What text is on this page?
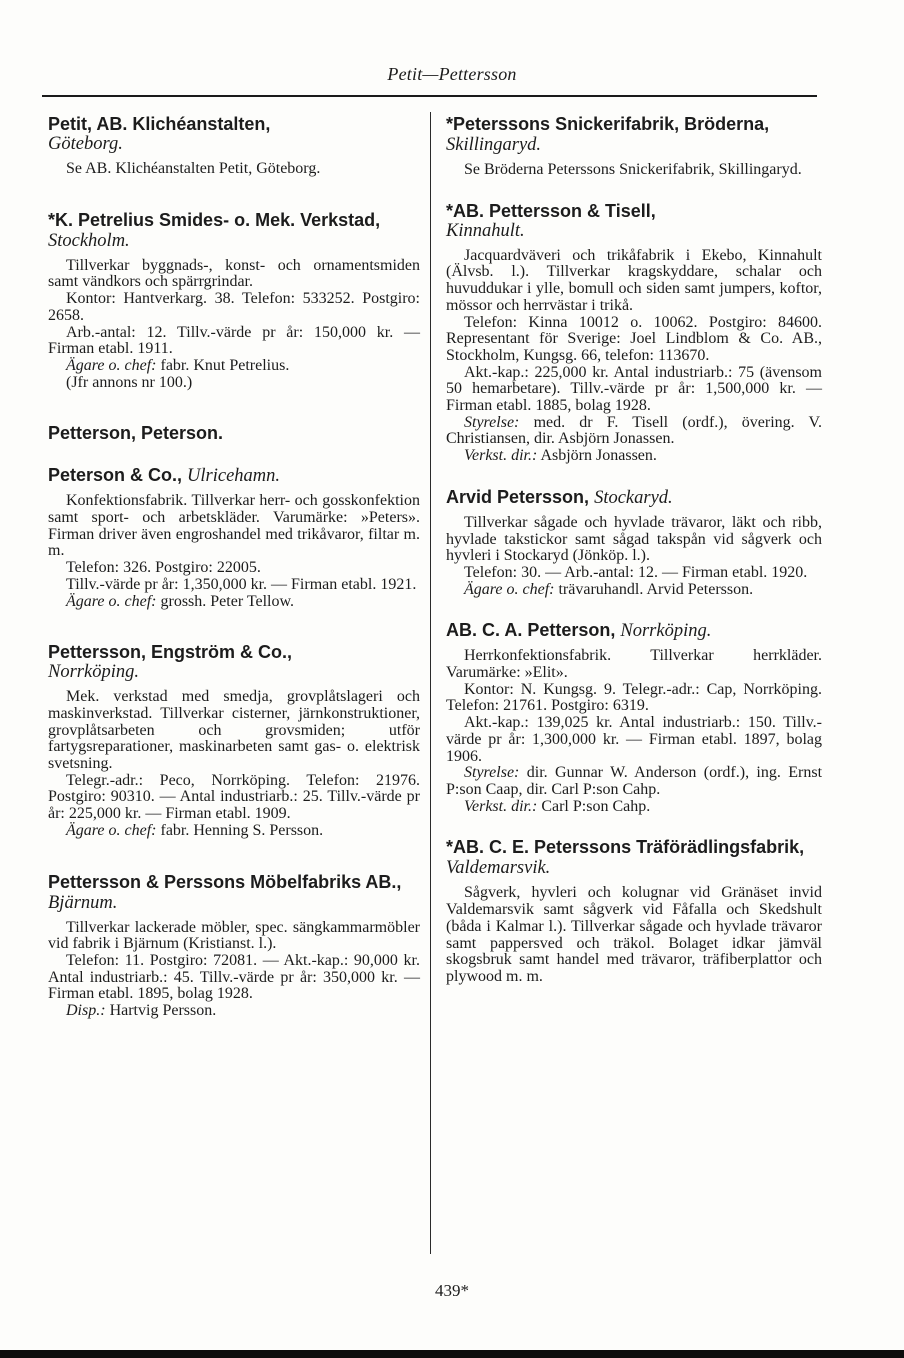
Petit—Pettersson
Petit, AB. Klichéanstalten,
Göteborg.

Se AB. Klichéanstalten Petit, Göteborg.

*K. Petrelius Smides- o. Mek. Verkstad, Stockholm.

Tillverkar byggnads-, konst- och ornamentsmiden samt vändkors och spärrgrindar.

Kontor: Hantverkarg. 38. Telefon: 533252. Postgiro: 2658.

Arb.-antal: 12. Tillv.-värde pr år: 150,000 kr. — Firman etabl. 1911.

Ägare o. chef: fabr. Knut Petrelius.

(Jfr annons nr 100.)

Petterson, Peterson.
Peterson & Co., Ulricehamn.

Konfektionsfabrik. Tillverkar herr- och gosskonfektion samt sport- och arbetskläder. Varumärke: »Peters». Firman driver även engroshandel med trikåvaror, filtar m. m.

Telefon: 326. Postgiro: 22005.

Tillv.-värde pr år: 1,350,000 kr. — Firman etabl. 1921.

Ägare o. chef: grossh. Peter Tellow.

Pettersson, Engström & Co.,
Norrköping.

Mek. verkstad med smedja, grovplåtslageri och maskinverkstad. Tillverkar cisterner, järnkonstruktioner, grovplåtsarbeten och grovsmiden; utför fartygsreparationer, maskinarbeten samt gas- o. elektrisk svetsning.

Telegr.-adr.: Peco, Norrköping. Telefon: 21976. Postgiro: 90310. — Antal industriarb.: 25. Tillv.-värde pr år: 225,000 kr. — Firman etabl. 1909.

Ägare o. chef: fabr. Henning S. Persson.

Pettersson & Perssons Möbelfabriks AB., Bjärnum.

Tillverkar lackerade möbler, spec. sängkammarmöbler vid fabrik i Bjärnum (Kristianst. l.).

Telefon: 11. Postgiro: 72081. — Akt.-kap.: 90,000 kr. Antal industriarb.: 45. Tillv.-värde pr år: 350,000 kr. — Firman etabl. 1895, bolag 1928.

Disp.: Hartvig Persson.

*Peterssons Snickerifabrik, Bröderna, Skillingaryd.

Se Bröderna Peterssons Snickerifabrik, Skillingaryd.

*AB. Pettersson & Tisell,
Kinnahult.

Jacquardväveri och trikåfabrik i Ekebo, Kinnahult (Älvsb. l.). Tillverkar kragskyddare, schalar och huvuddukar i ylle, bomull och siden samt jumpers, koftor, mössor och herrvästar i trikå.

Telefon: Kinna 10012 o. 10062. Postgiro: 84600. Representant för Sverige: Joel Lindblom & Co. AB., Stockholm, Kungsg. 66, telefon: 113670.

Akt.-kap.: 225,000 kr. Antal industriarb.: 75 (ävensom 50 hemarbetare). Tillv.-värde pr år: 1,500,000 kr. — Firman etabl. 1885, bolag 1928.

Styrelse: med. dr F. Tisell (ordf.), övering. V. Christiansen, dir. Asbjörn Jonassen.

Verkst. dir.: Asbjörn Jonassen.

Arvid Petersson, Stockaryd.

Tillverkar sågade och hyvlade trävaror, läkt och ribb, hyvlade takstickor samt sågad takspån vid sågverk och hyvleri i Stockaryd (Jönköp. l.).

Telefon: 30. — Arb.-antal: 12. — Firman etabl. 1920.

Ägare o. chef: trävaruhandl. Arvid Petersson.

AB. C. A. Petterson, Norrköping.

Herrkonfektionsfabrik. Tillverkar herrkläder. Varumärke: »Elit».

Kontor: N. Kungsg. 9. Telegr.-adr.: Cap, Norrköping. Telefon: 21761. Postgiro: 6319.

Akt.-kap.: 139,025 kr. Antal industriarb.: 150. Tillv.-värde pr år: 1,300,000 kr. — Firman etabl. 1897, bolag 1906.

Styrelse: dir. Gunnar W. Anderson (ordf.), ing. Ernst P:son Caap, dir. Carl P:son Cahp.

Verkst. dir.: Carl P:son Cahp.

*AB. C. E. Peterssons Träförädlingsfabrik, Valdemarsvik.

Sågverk, hyvleri och kolugnar vid Gränäset invid Valdemarsvik samt sågverk vid Fåfalla och Skedshult (båda i Kalmar l.). Tillverkar sågade och hyvlade trävaror samt pappersved och träkol. Bolaget idkar jämväl skogsbruk samt handel med trävaror, träfiberplattor och plywood m. m.

439*
